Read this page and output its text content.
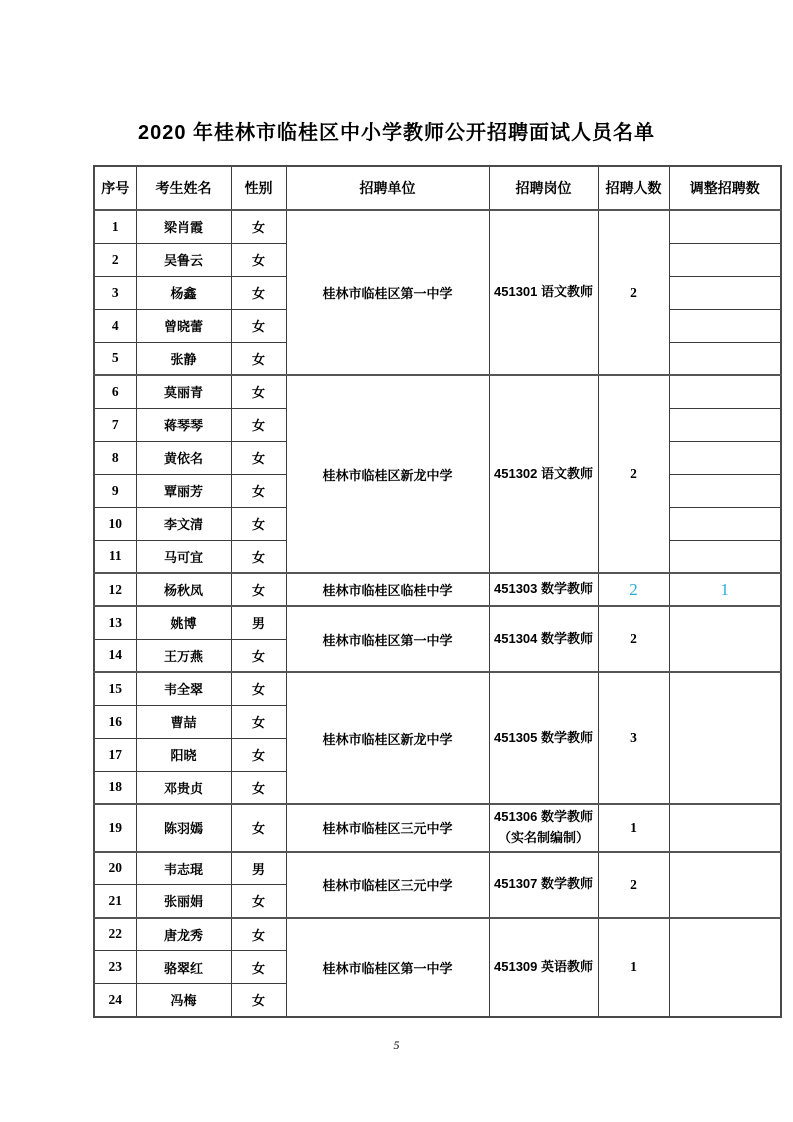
2020 年桂林市临桂区中小学教师公开招聘面试人员名单
序号	考生姓名	性别	招聘单位	招聘岗位	招聘人数	调整招聘数
1	梁肖霞	女	桂林市临桂区第一中学	451301 语文教师	2	
2	吴鲁云	女				
3	杨鑫	女				
4	曾晓蕾	女				
5	张静	女				
6	莫丽青	女	桂林市临桂区新龙中学	451302 语文教师	2	
7	蒋琴琴	女				
8	黄依名	女				
9	覃丽芳	女				
10	李文清	女				
11	马可宜	女				
12	杨秋凤	女	桂林市临桂区临桂中学	451303 数学教师	2	1
13	姚博	男	桂林市临桂区第一中学	451304 数学教师	2	
14	王万燕	女				
15	韦全翠	女	桂林市临桂区新龙中学	451305 数学教师	3	
16	曹喆	女				
17	阳晓	女				
18	邓贵贞	女				
19	陈羽嫣	女	桂林市临桂区三元中学	451306 数学教师（实名制编制）	1	
20	韦志琨	男	桂林市临桂区三元中学	451307 数学教师	2	
21	张丽娟	女				
22	唐龙秀	女	桂林市临桂区第一中学	451309 英语教师	1	
23	骆翠红	女				
24	冯梅	女				
5
